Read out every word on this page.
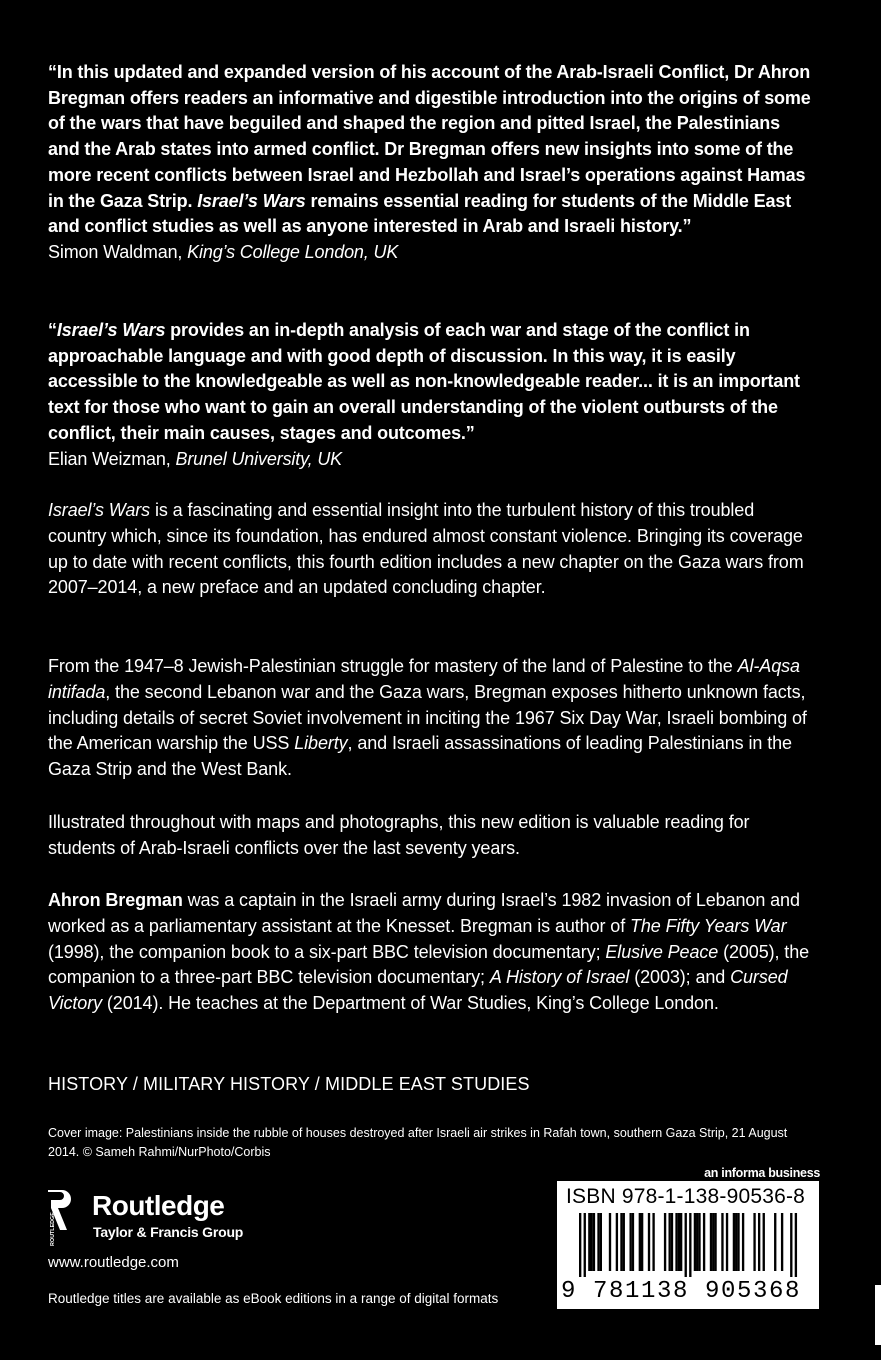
“In this updated and expanded version of his account of the Arab-Israeli Conflict, Dr Ahron Bregman offers readers an informative and digestible introduction into the origins of some of the wars that have beguiled and shaped the region and pitted Israel, the Palestinians and the Arab states into armed conflict. Dr Bregman offers new insights into some of the more recent conflicts between Israel and Hezbollah and Israel’s operations against Hamas in the Gaza Strip. Israel’s Wars remains essential reading for students of the Middle East and conflict studies as well as anyone interested in Arab and Israeli history.”
Simon Waldman, King’s College London, UK
“Israel’s Wars provides an in-depth analysis of each war and stage of the conflict in approachable language and with good depth of discussion. In this way, it is easily accessible to the knowledgeable as well as non-knowledgeable reader... it is an important text for those who want to gain an overall understanding of the violent outbursts of the conflict, their main causes, stages and outcomes.”
Elian Weizman, Brunel University, UK
Israel’s Wars is a fascinating and essential insight into the turbulent history of this troubled country which, since its foundation, has endured almost constant violence. Bringing its coverage up to date with recent conflicts, this fourth edition includes a new chapter on the Gaza wars from 2007–2014, a new preface and an updated concluding chapter.
From the 1947–8 Jewish-Palestinian struggle for mastery of the land of Palestine to the Al-Aqsa intifada, the second Lebanon war and the Gaza wars, Bregman exposes hitherto unknown facts, including details of secret Soviet involvement in inciting the 1967 Six Day War, Israeli bombing of the American warship the USS Liberty, and Israeli assassinations of leading Palestinians in the Gaza Strip and the West Bank.
Illustrated throughout with maps and photographs, this new edition is valuable reading for students of Arab-Israeli conflicts over the last seventy years.
Ahron Bregman was a captain in the Israeli army during Israel’s 1982 invasion of Lebanon and worked as a parliamentary assistant at the Knesset. Bregman is author of The Fifty Years War (1998), the companion book to a six-part BBC television documentary; Elusive Peace (2005), the companion to a three-part BBC television documentary; A History of Israel (2003); and Cursed Victory (2014). He teaches at the Department of War Studies, King’s College London.
HISTORY / MILITARY HISTORY / MIDDLE EAST STUDIES
Cover image: Palestinians inside the rubble of houses destroyed after Israeli air strikes in Rafah town, southern Gaza Strip, 21 August 2014. © Sameh Rahmi/NurPhoto/Corbis
ROUTLEDGE
Routledge
Taylor & Francis Group
www.routledge.com
Routledge titles are available as eBook editions in a range of digital formats
an informa business
ISBN 978-1-138-90536-8
9 781138 905368
